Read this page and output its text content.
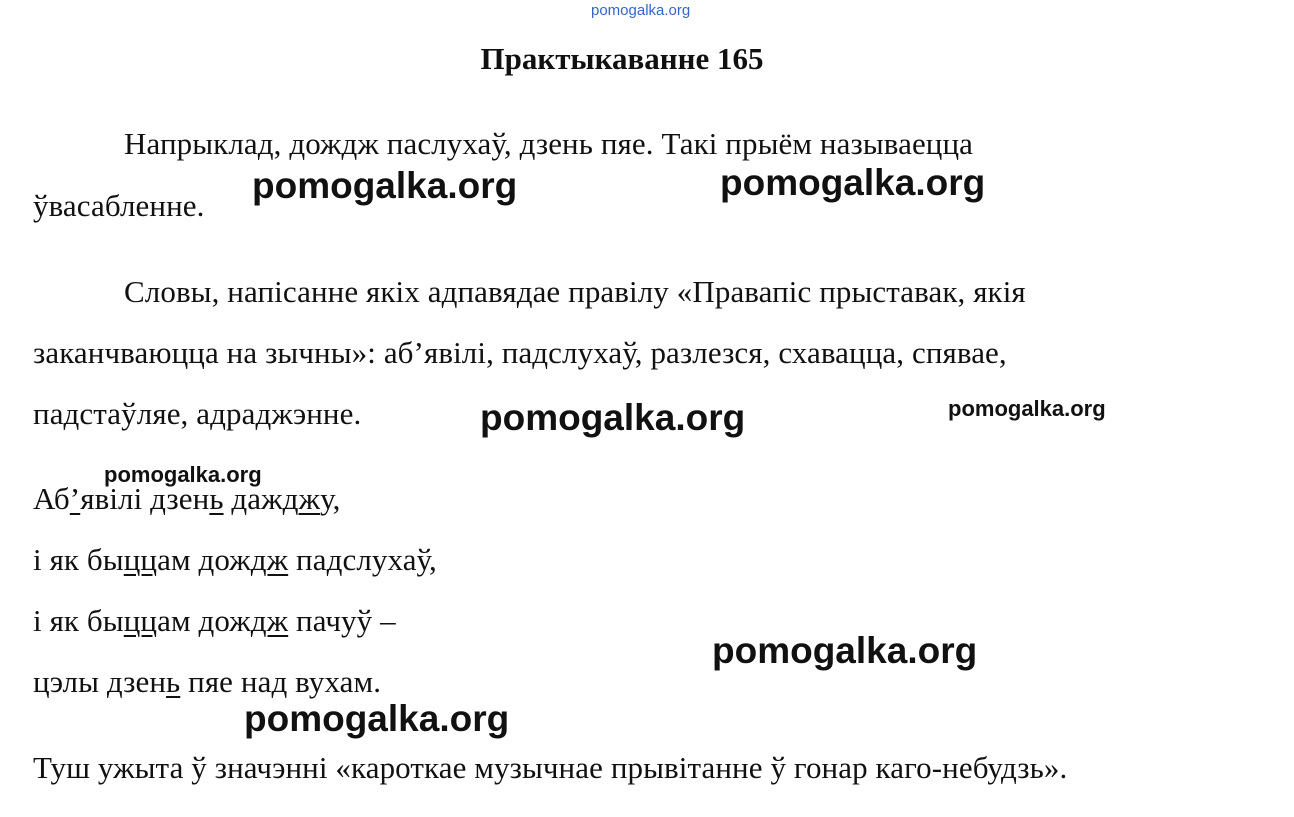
pomogalka.org
Практыкаванне 165
Напрыклад, дождж паслухаў, дзень пяе. Такі прыём называецца
ўвасабленне.
Словы, напісанне якіх адпавядае правілу «Правапіс прыставак, якія
заканчваюцца на зычны»: аб’явілі, падслухаў, разлезся, схавацца, спявае,
падстаўляе, адраджэнне.
Аб’явілі дзень дажджу,
і як быццам дождж падслухаў,
і як быццам дождж пачуў –
цэлы дзень пяе над вухам.
Туш ужыта ў значэнні «кароткае музычнае прывітанне ў гонар каго-небудзь».
pomogalka.org	pomogalka.org
pomogalka.org	pomogalka.org
pomogalka.org
pomogalka.org
pomogalka.org
